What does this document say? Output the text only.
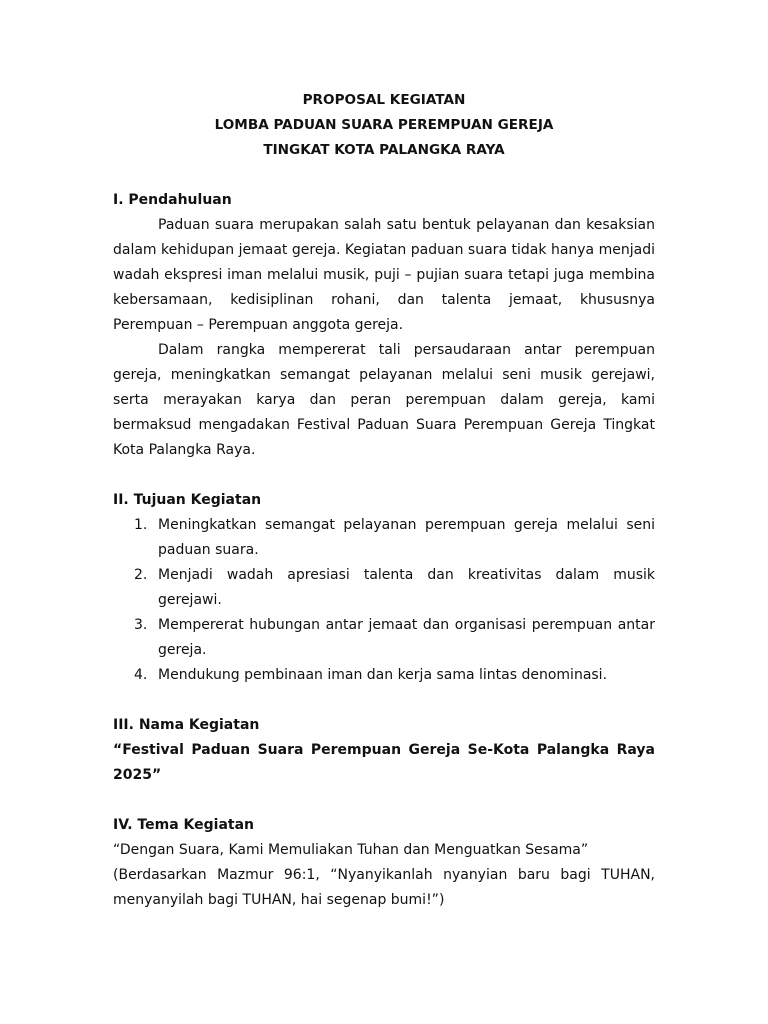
PROPOSAL KEGIATAN
LOMBA PADUAN SUARA PEREMPUAN GEREJA
TINGKAT KOTA PALANGKA RAYA
I. Pendahuluan

Paduan suara merupakan salah satu bentuk pelayanan dan kesaksian dalam kehidupan jemaat gereja. Kegiatan paduan suara tidak hanya menjadi wadah ekspresi iman melalui musik, puji – pujian suara tetapi juga membina kebersamaan, kedisiplinan rohani, dan talenta jemaat, khususnya Perempuan – Perempuan anggota gereja.

Dalam rangka mempererat tali persaudaraan antar perempuan gereja, meningkatkan semangat pelayanan melalui seni musik gerejawi, serta merayakan karya dan peran perempuan dalam gereja, kami bermaksud mengadakan Festival Paduan Suara Perempuan Gereja Tingkat Kota Palangka Raya.

II. Tujuan Kegiatan
1. Meningkatkan semangat pelayanan perempuan gereja melalui seni paduan suara.
2. Menjadi wadah apresiasi talenta dan kreativitas dalam musik gerejawi.
3. Mempererat hubungan antar jemaat dan organisasi perempuan antar gereja.
4. Mendukung pembinaan iman dan kerja sama lintas denominasi.
III. Nama Kegiatan

“Festival Paduan Suara Perempuan Gereja Se-Kota Palangka Raya 2025”

IV. Tema Kegiatan

“Dengan Suara, Kami Memuliakan Tuhan dan Menguatkan Sesama”

(Berdasarkan Mazmur 96:1, “Nyanyikanlah nyanyian baru bagi TUHAN, menyanyilah bagi TUHAN, hai segenap bumi!”)
